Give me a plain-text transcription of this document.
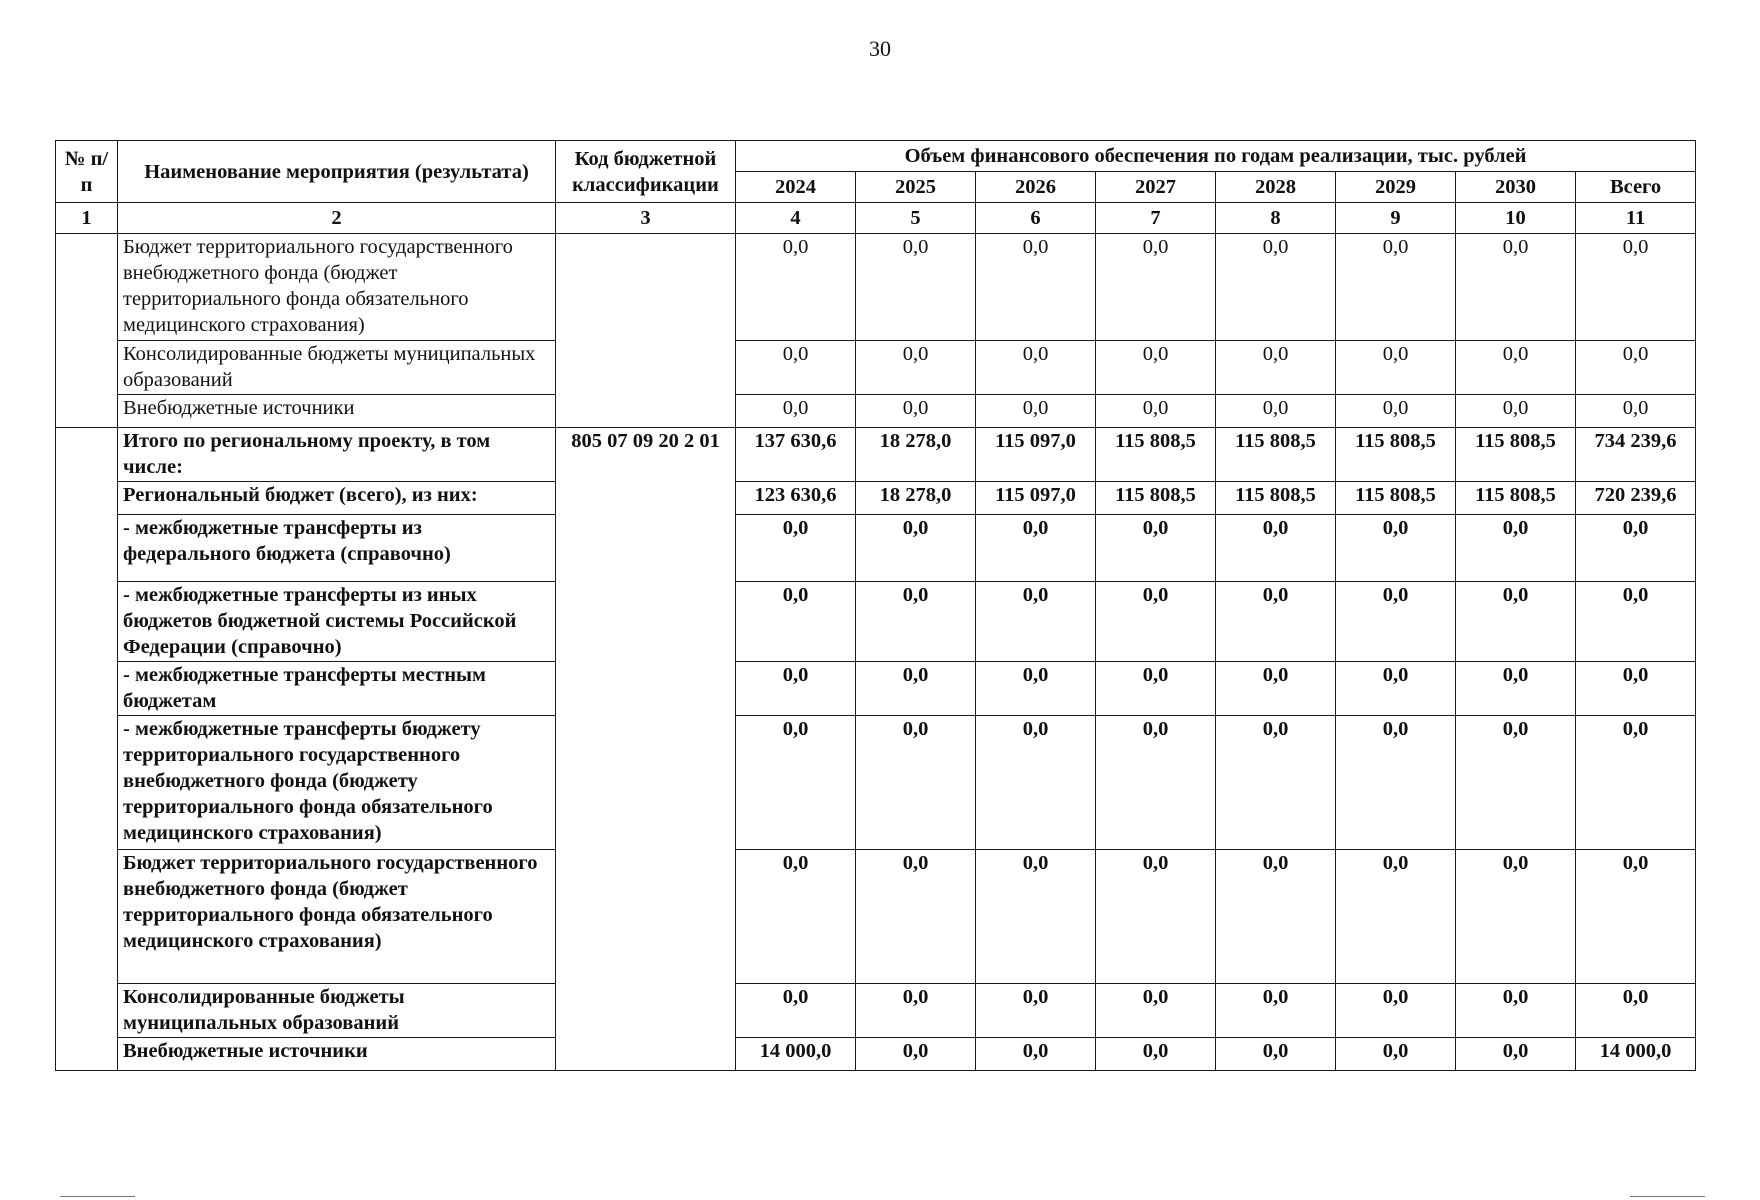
30
№ п/п	Наименование мероприятия (результата)	Код бюджетной классификации	Объем финансового обеспечения по годам реализации, тыс. рублей							
			2024	2025	2026	2027	2028	2029	2030	Всего
1	2	3	4	5	6	7	8	9	10	11
	Бюджет территориального государственного внебюджетного фонда (бюджет территориального фонда обязательного медицинского страхования)		0,0	0,0	0,0	0,0	0,0	0,0	0,0	0,0
	Консолидированные бюджеты муниципальных образований		0,0	0,0	0,0	0,0	0,0	0,0	0,0	0,0
	Внебюджетные источники		0,0	0,0	0,0	0,0	0,0	0,0	0,0	0,0
	Итого по региональному проекту, в том числе:	805 07 09 20 2 01	137 630,6	18 278,0	115 097,0	115 808,5	115 808,5	115 808,5	115 808,5	734 239,6
	Региональный бюджет (всего), из них:		123 630,6	18 278,0	115 097,0	115 808,5	115 808,5	115 808,5	115 808,5	720 239,6
	- межбюджетные трансферты из федерального бюджета (справочно)		0,0	0,0	0,0	0,0	0,0	0,0	0,0	0,0
	- межбюджетные трансферты из иных бюджетов бюджетной системы Российской Федерации (справочно)		0,0	0,0	0,0	0,0	0,0	0,0	0,0	0,0
	- межбюджетные трансферты местным бюджетам		0,0	0,0	0,0	0,0	0,0	0,0	0,0	0,0
	- межбюджетные трансферты бюджету территориального государственного внебюджетного фонда (бюджету территориального фонда обязательного медицинского страхования)		0,0	0,0	0,0	0,0	0,0	0,0	0,0	0,0
	Бюджет территориального государственного внебюджетного фонда (бюджет территориального фонда обязательного медицинского страхования)		0,0	0,0	0,0	0,0	0,0	0,0	0,0	0,0
	Консолидированные бюджеты муниципальных образований		0,0	0,0	0,0	0,0	0,0	0,0	0,0	0,0
	Внебюджетные источники		14 000,0	0,0	0,0	0,0	0,0	0,0	0,0	14 000,0
